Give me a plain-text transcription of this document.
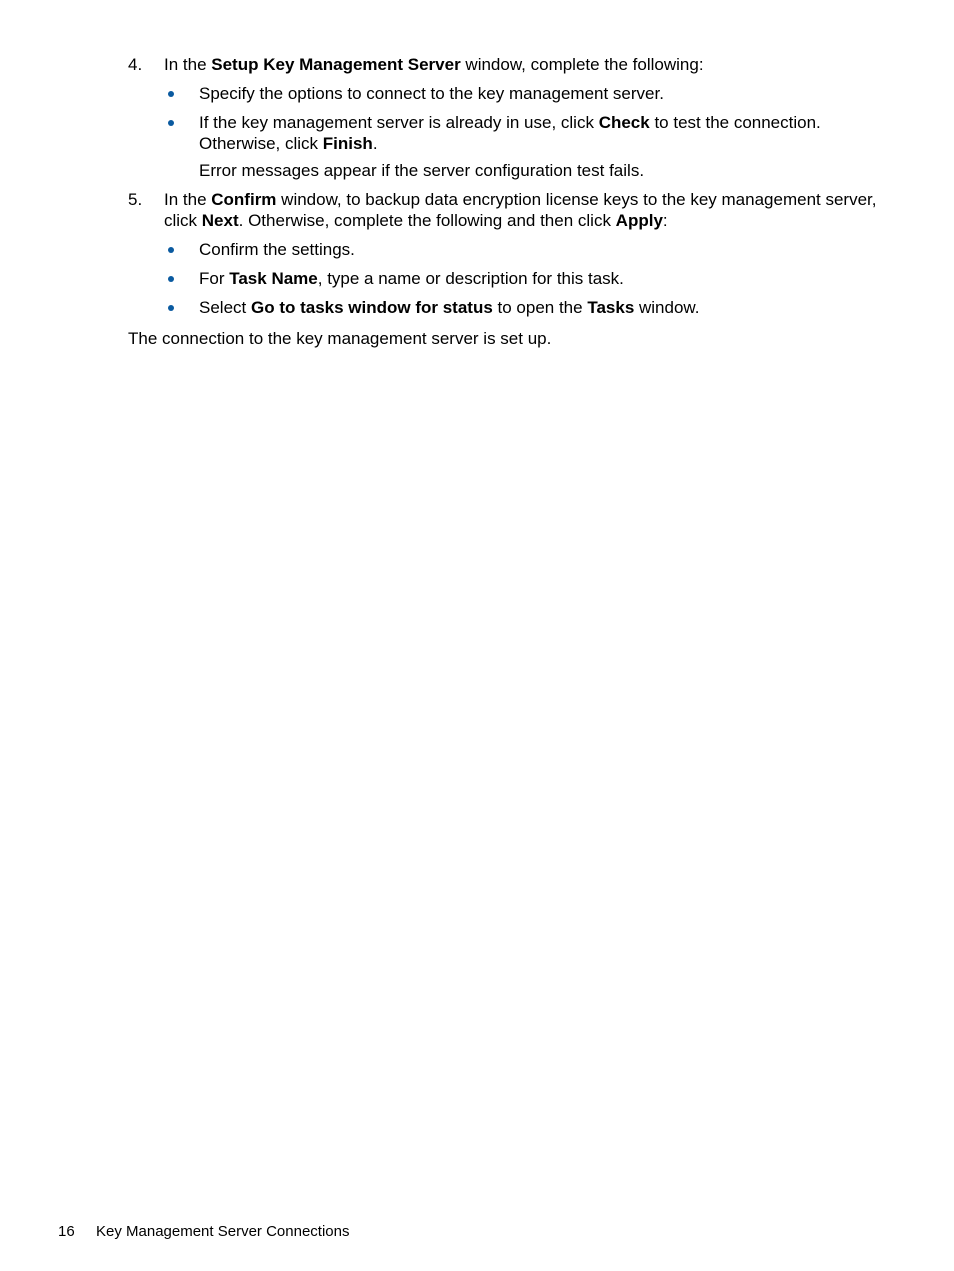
4. In the Setup Key Management Server window, complete the following:
Specify the options to connect to the key management server.
If the key management server is already in use, click Check to test the connection. Otherwise, click Finish.
Error messages appear if the server configuration test fails.
5. In the Confirm window, to backup data encryption license keys to the key management server, click Next. Otherwise, complete the following and then click Apply:
Confirm the settings.
For Task Name, type a name or description for this task.
Select Go to tasks window for status to open the Tasks window.

The connection to the key management server is set up.

16 Key Management Server Connections
